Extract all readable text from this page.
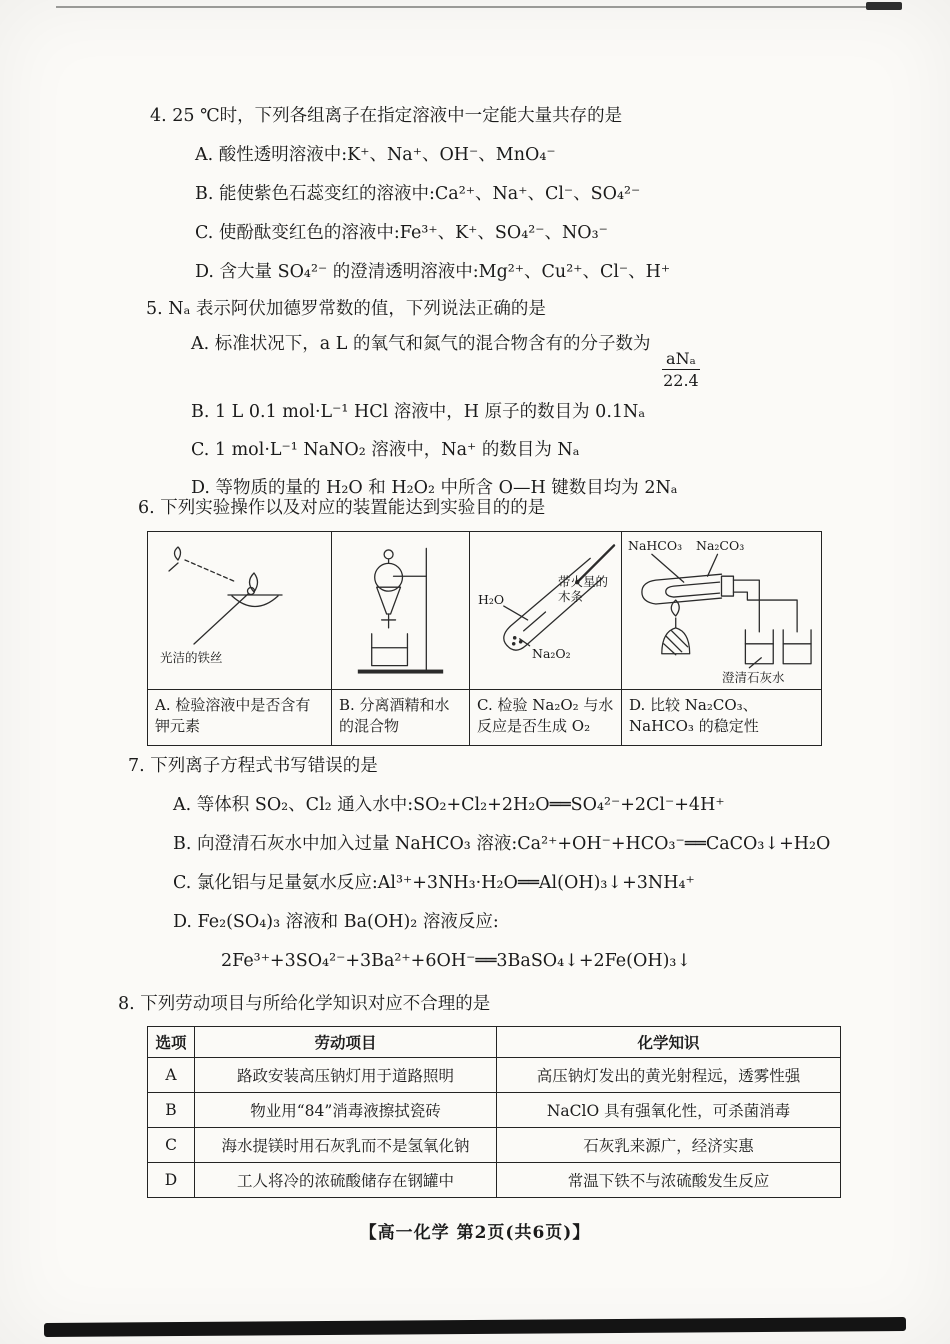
4. 25 ℃时，下列各组离子在指定溶液中一定能大量共存的是
A. 酸性透明溶液中:K⁺、Na⁺、OH⁻、MnO₄⁻
B. 能使紫色石蕊变红的溶液中:Ca²⁺、Na⁺、Cl⁻、SO₄²⁻
C. 使酚酞变红色的溶液中:Fe³⁺、K⁺、SO₄²⁻、NO₃⁻
D. 含大量 SO₄²⁻ 的澄清透明溶液中:Mg²⁺、Cu²⁺、Cl⁻、H⁺
5. Nₐ 表示阿伏加德罗常数的值，下列说法正确的是
A. 标准状况下，a L 的氧气和氮气的混合物含有的分子数为
$\frac{\text{aNₐ}}{22.4}$
B. 1 L 0.1 mol·L⁻¹ HCl 溶液中，H 原子的数目为 0.1Nₐ
C. 1 mol·L⁻¹ NaNO₂ 溶液中，Na⁺ 的数目为 Nₐ
D. 等物质的量的 H₂O 和 H₂O₂ 中所含 O—H 键数目均为 2Nₐ
6. 下列实验操作以及对应的装置能达到实验目的的是
光洁的铁丝
H₂O
带火星的木条
Na₂O₂
NaHCO₃ Na₂CO₃
澄清石灰水
A. 检验溶液中是否含有钾元素
B. 分离酒精和水的混合物
C. 检验 Na₂O₂ 与水反应是否生成 O₂
D. 比较 Na₂CO₃、NaHCO₃ 的稳定性
7. 下列离子方程式书写错误的是
A. 等体积 SO₂、Cl₂ 通入水中:SO₂+Cl₂+2H₂O══SO₄²⁻+2Cl⁻+4H⁺
B. 向澄清石灰水中加入过量 NaHCO₃ 溶液:Ca²⁺+OH⁻+HCO₃⁻══CaCO₃↓+H₂O
C. 氯化铝与足量氨水反应:Al³⁺+3NH₃·H₂O══Al(OH)₃↓+3NH₄⁺
D. Fe₂(SO₄)₃ 溶液和 Ba(OH)₂ 溶液反应:
2Fe³⁺+3SO₄²⁻+3Ba²⁺+6OH⁻══3BaSO₄↓+2Fe(OH)₃↓
8. 下列劳动项目与所给化学知识对应不合理的是
选项	劳动项目	化学知识
A	路政安装高压钠灯用于道路照明	高压钠灯发出的黄光射程远，透雾性强
B	物业用“84”消毒液擦拭瓷砖	NaClO 具有强氧化性，可杀菌消毒
C	海水提镁时用石灰乳而不是氢氧化钠	石灰乳来源广，经济实惠
D	工人将冷的浓硫酸储存在钢罐中	常温下铁不与浓硫酸发生反应
【高一化学 第2页(共6页)】
